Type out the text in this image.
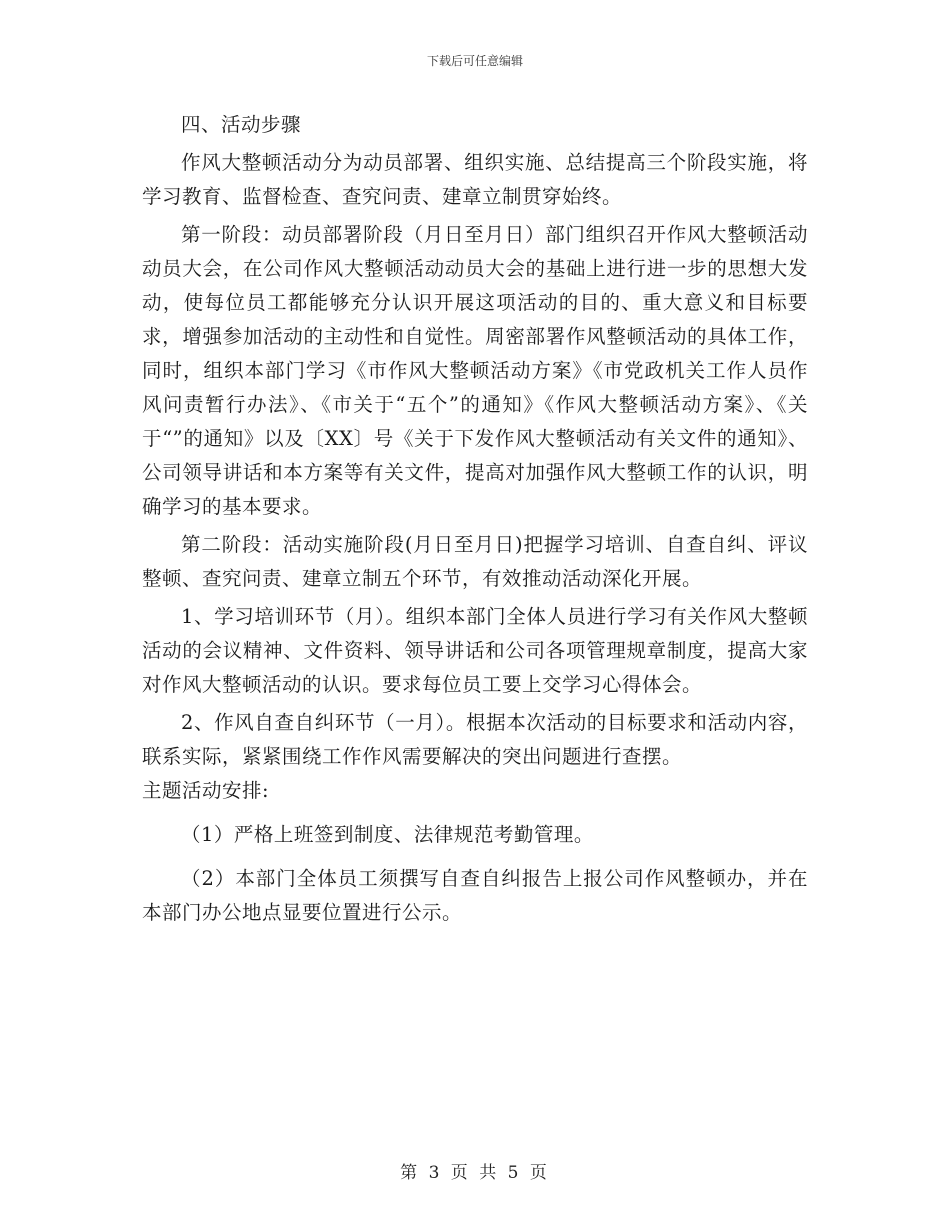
下载后可任意编辑

四、活动步骤

作风大整顿活动分为动员部署、组织实施、总结提高三个阶段实施，将学习教育、监督检查、查究问责、建章立制贯穿始终。

第一阶段：动员部署阶段（月日至月日）部门组织召开作风大整顿活动动员大会，在公司作风大整顿活动动员大会的基础上进行进一步的思想大发动，使每位员工都能够充分认识开展这项活动的目的、重大意义和目标要求，增强参加活动的主动性和自觉性。周密部署作风整顿活动的具体工作，同时，组织本部门学习《市作风大整顿活动方案》《市党政机关工作人员作风问责暂行办法》、《市关于“五个”的通知》《作风大整顿活动方案》、《关于“”的通知》以及〔XX〕号《关于下发作风大整顿活动有关文件的通知》、公司领导讲话和本方案等有关文件，提高对加强作风大整顿工作的认识，明确学习的基本要求。

第二阶段：活动实施阶段(月日至月日)把握学习培训、自查自纠、评议整顿、查究问责、建章立制五个环节，有效推动活动深化开展。

1、学习培训环节（月）。组织本部门全体人员进行学习有关作风大整顿活动的会议精神、文件资料、领导讲话和公司各项管理规章制度，提高大家对作风大整顿活动的认识。要求每位员工要上交学习心得体会。

2、作风自查自纠环节（一月）。根据本次活动的目标要求和活动内容，联系实际，紧紧围绕工作作风需要解决的突出问题进行查摆。

主题活动安排:

（1）严格上班签到制度、法律规范考勤管理。

（2）本部门全体员工须撰写自查自纠报告上报公司作风整顿办，并在本部门办公地点显要位置进行公示。

第 3 页 共 5 页
